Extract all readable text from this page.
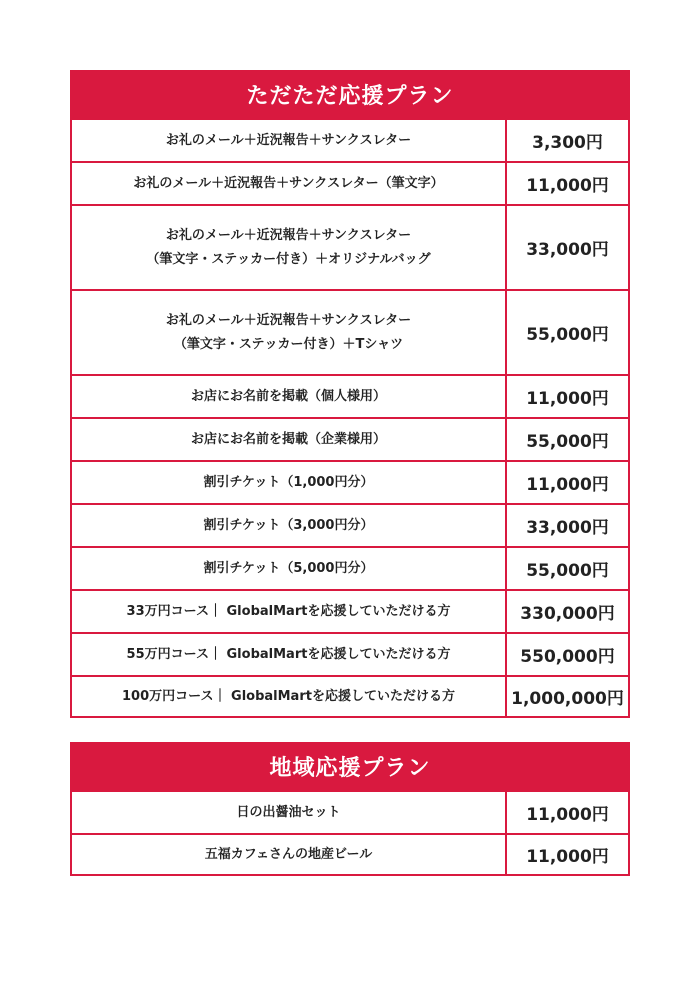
ただただ応援プラン
お礼のメール＋近況報告＋サンクスレター	3,300円
お礼のメール＋近況報告＋サンクスレター（筆文字）	11,000円
お礼のメール＋近況報告＋サンクスレター
（筆文字・ステッカー付き）＋オリジナルバッグ	33,000円
お礼のメール＋近況報告＋サンクスレター
（筆文字・ステッカー付き）＋Tシャツ	55,000円
お店にお名前を掲載（個人様用）	11,000円
お店にお名前を掲載（企業様用）	55,000円
割引チケット（1,000円分）	11,000円
割引チケット（3,000円分）	33,000円
割引チケット（5,000円分）	55,000円
33万円コース｜ GlobalMartを応援していただける方	330,000円
55万円コース｜ GlobalMartを応援していただける方	550,000円
100万円コース｜ GlobalMartを応援していただける方	1,000,000円
地域応援プラン
日の出醤油セット	11,000円
五福カフェさんの地産ビール	11,000円
